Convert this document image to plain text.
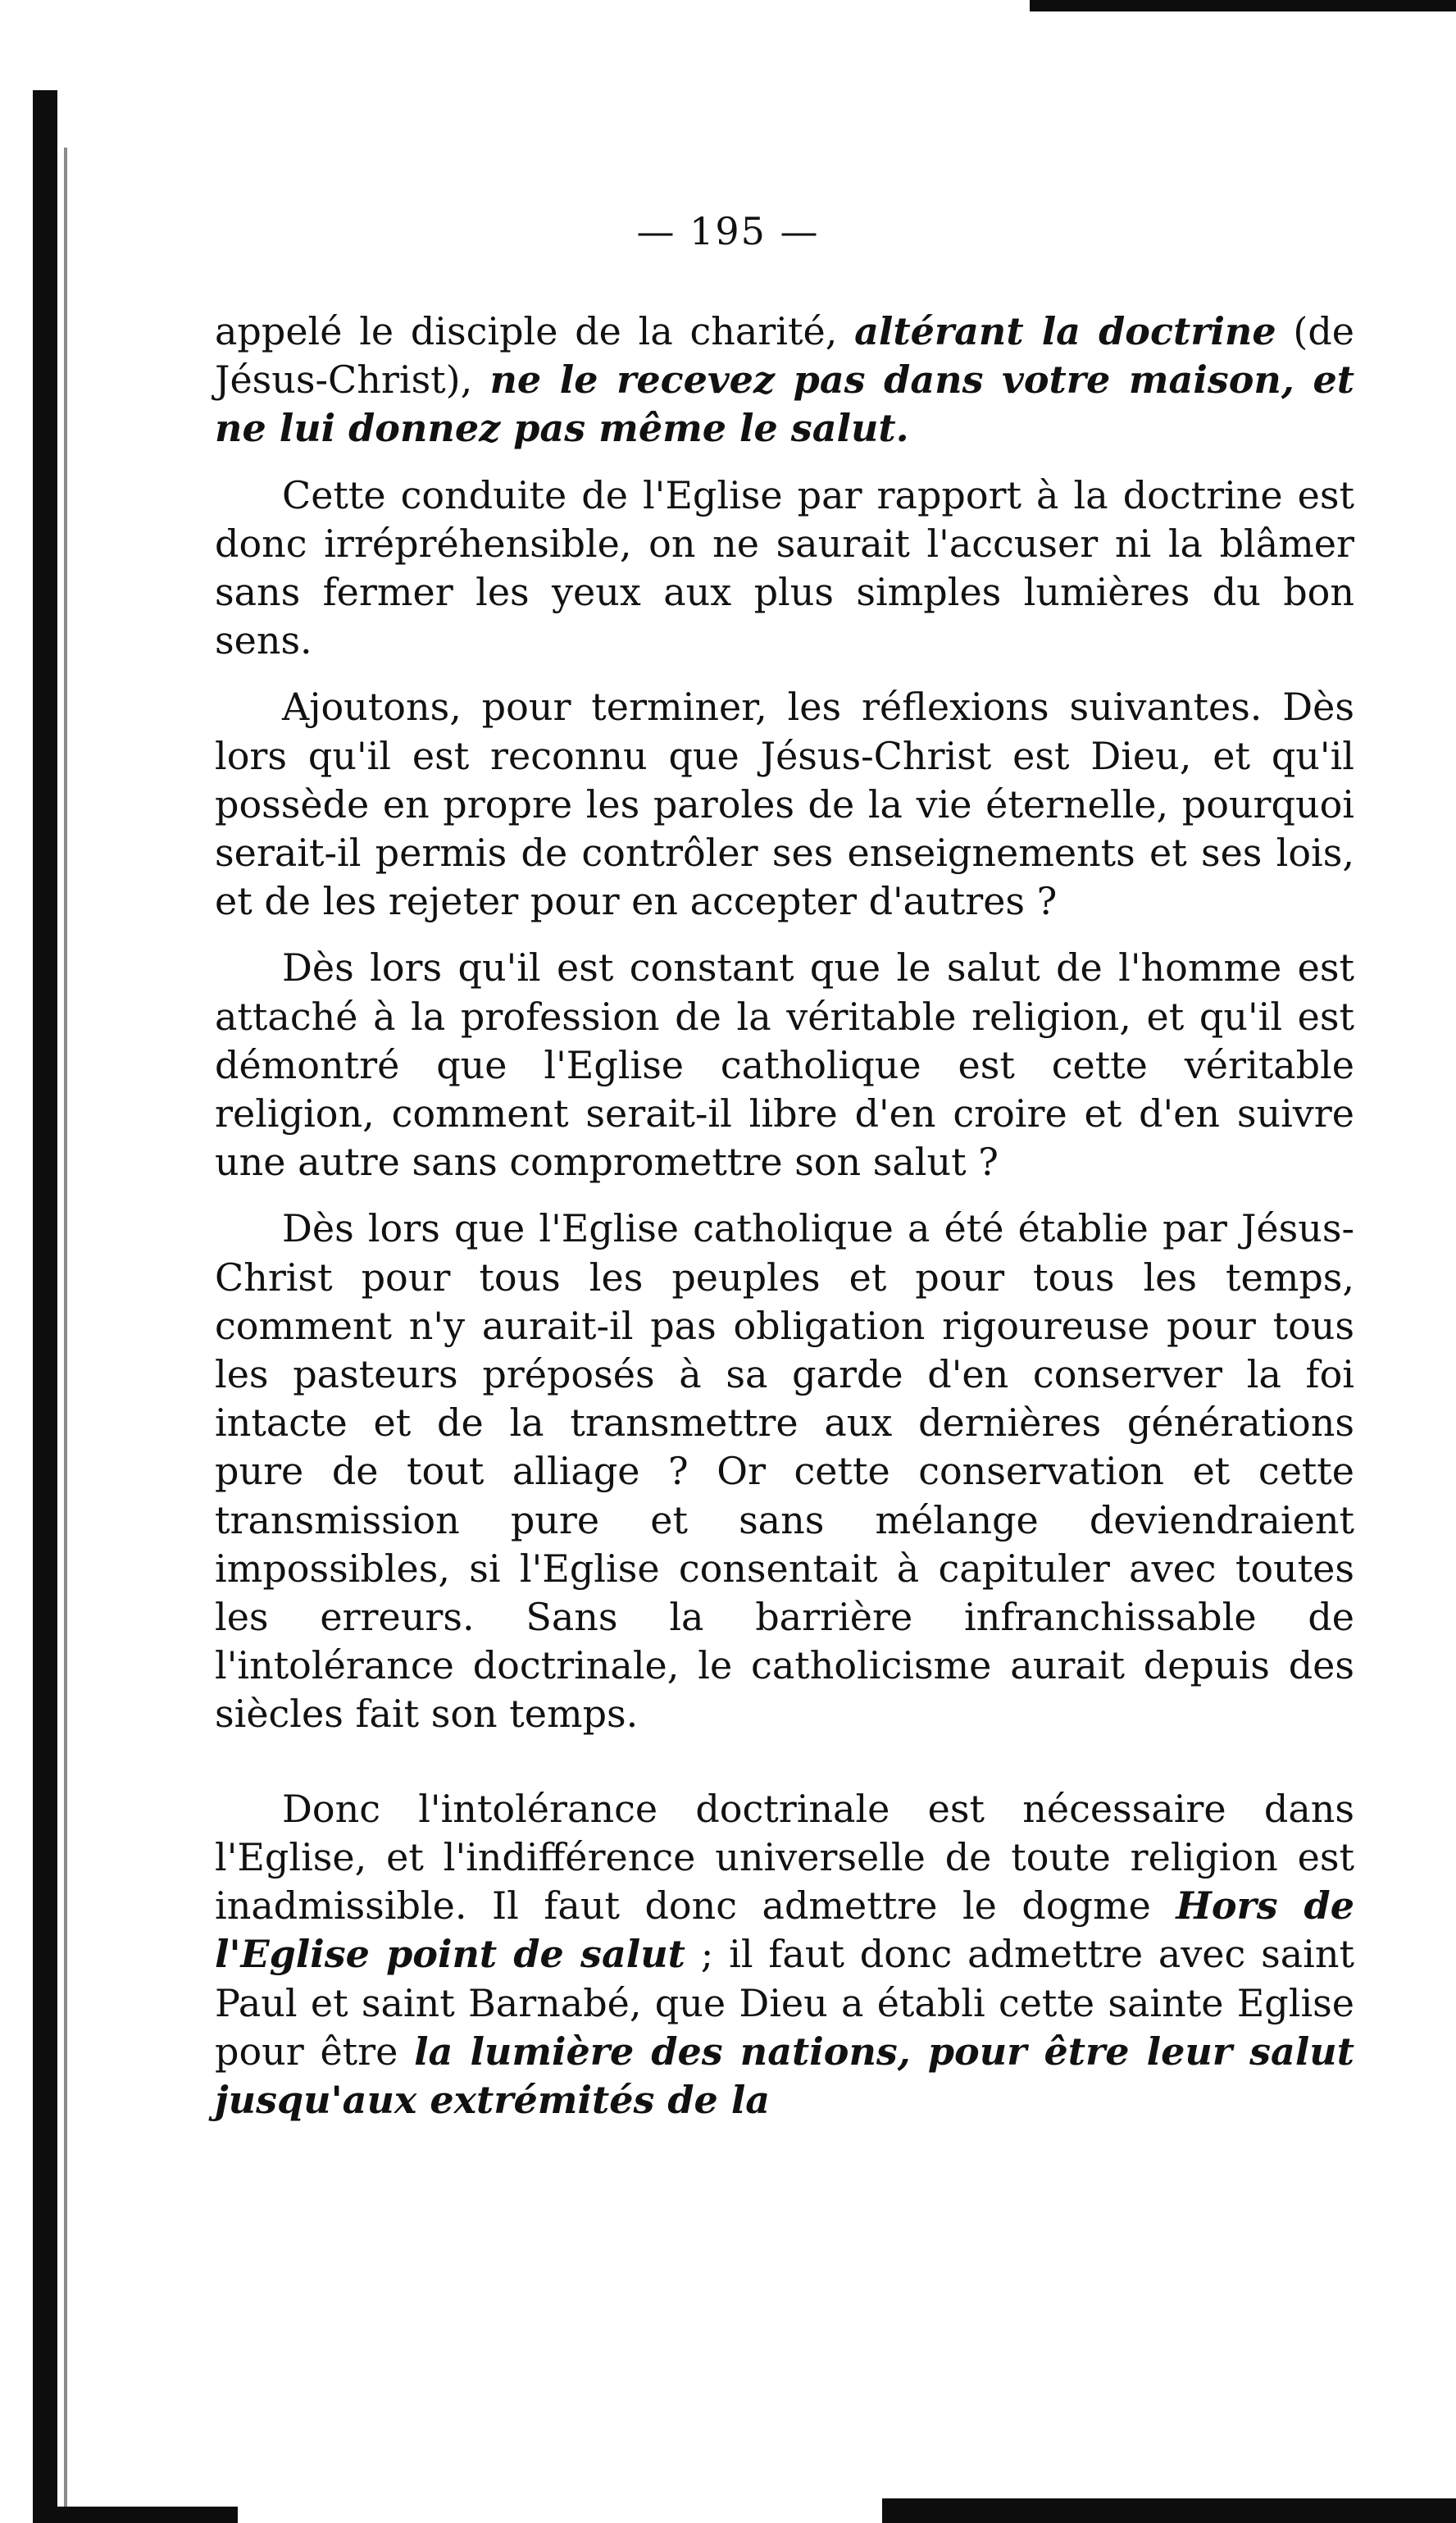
— 195 —

appelé le disciple de la charité, altérant la doctrine (de Jésus-Christ), ne le recevez pas dans votre maison, et ne lui donnez pas même le salut.

Cette conduite de l'Eglise par rapport à la doctrine est donc irrépréhensible, on ne saurait l'accuser ni la blâmer sans fermer les yeux aux plus simples lumières du bon sens.

Ajoutons, pour terminer, les réflexions suivantes. Dès lors qu'il est reconnu que Jésus-Christ est Dieu, et qu'il possède en propre les paroles de la vie éternelle, pourquoi serait-il permis de contrôler ses enseignements et ses lois, et de les rejeter pour en accepter d'autres ?

Dès lors qu'il est constant que le salut de l'homme est attaché à la profession de la véritable religion, et qu'il est démontré que l'Eglise catholique est cette véritable religion, comment serait-il libre d'en croire et d'en suivre une autre sans compromettre son salut ?

Dès lors que l'Eglise catholique a été établie par Jésus-Christ pour tous les peuples et pour tous les temps, comment n'y aurait-il pas obligation rigoureuse pour tous les pasteurs préposés à sa garde d'en conserver la foi intacte et de la transmettre aux dernières générations pure de tout alliage ? Or cette conservation et cette transmission pure et sans mélange deviendraient impossibles, si l'Eglise consentait à capituler avec toutes les erreurs. Sans la barrière infranchissable de l'intolérance doctrinale, le catholicisme aurait depuis des siècles fait son temps.

Donc l'intolérance doctrinale est nécessaire dans l'Eglise, et l'indifférence universelle de toute religion est inadmissible. Il faut donc admettre le dogme Hors de l'Eglise point de salut ; il faut donc admettre avec saint Paul et saint Barnabé, que Dieu a établi cette sainte Eglise pour être la lumière des nations, pour être leur salut jusqu'aux extrémités de la
